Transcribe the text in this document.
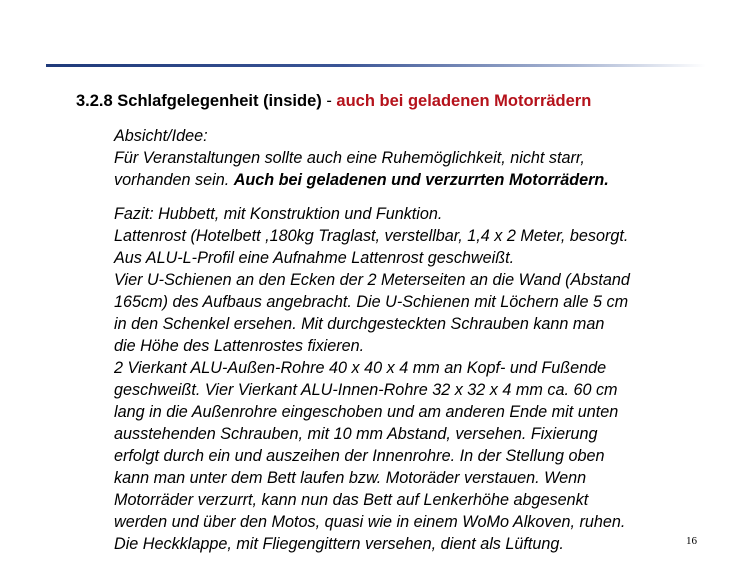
3.2.8 Schlafgelegenheit (inside) - auch bei geladenen Motorrädern
Absicht/Idee:
Für Veranstaltungen sollte auch eine Ruhemöglichkeit, nicht starr,
vorhanden sein. Auch bei geladenen und verzurrten Motorrädern.
Fazit: Hubbett, mit Konstruktion und Funktion.
Lattenrost (Hotelbett ,180kg Traglast, verstellbar, 1,4 x 2 Meter, besorgt.
Aus ALU-L-Profil eine Aufnahme Lattenrost geschweißt.
Vier U-Schienen an den Ecken der 2 Meterseiten an die Wand (Abstand
165cm) des Aufbaus angebracht. Die U-Schienen mit Löchern alle 5 cm
in den Schenkel ersehen. Mit durchgesteckten Schrauben kann man
die Höhe des Lattenrostes fixieren.
2 Vierkant ALU-Außen-Rohre 40 x 40 x 4 mm an Kopf- und Fußende
geschweißt. Vier Vierkant ALU-Innen-Rohre 32 x 32 x 4 mm ca. 60 cm
lang in die Außenrohre eingeschoben und am anderen Ende mit unten
ausstehenden Schrauben, mit 10 mm Abstand, versehen. Fixierung
erfolgt durch ein und auszeihen der Innenrohre. In der Stellung oben
kann man unter dem Bett laufen bzw. Motoräder verstauen. Wenn
Motorräder verzurrt, kann nun das Bett auf Lenkerhöhe abgesenkt
werden und über den Motos, quasi wie in einem WoMo Alkoven, ruhen.
Die Heckklappe, mit Fliegengittern versehen, dient als Lüftung.	16
